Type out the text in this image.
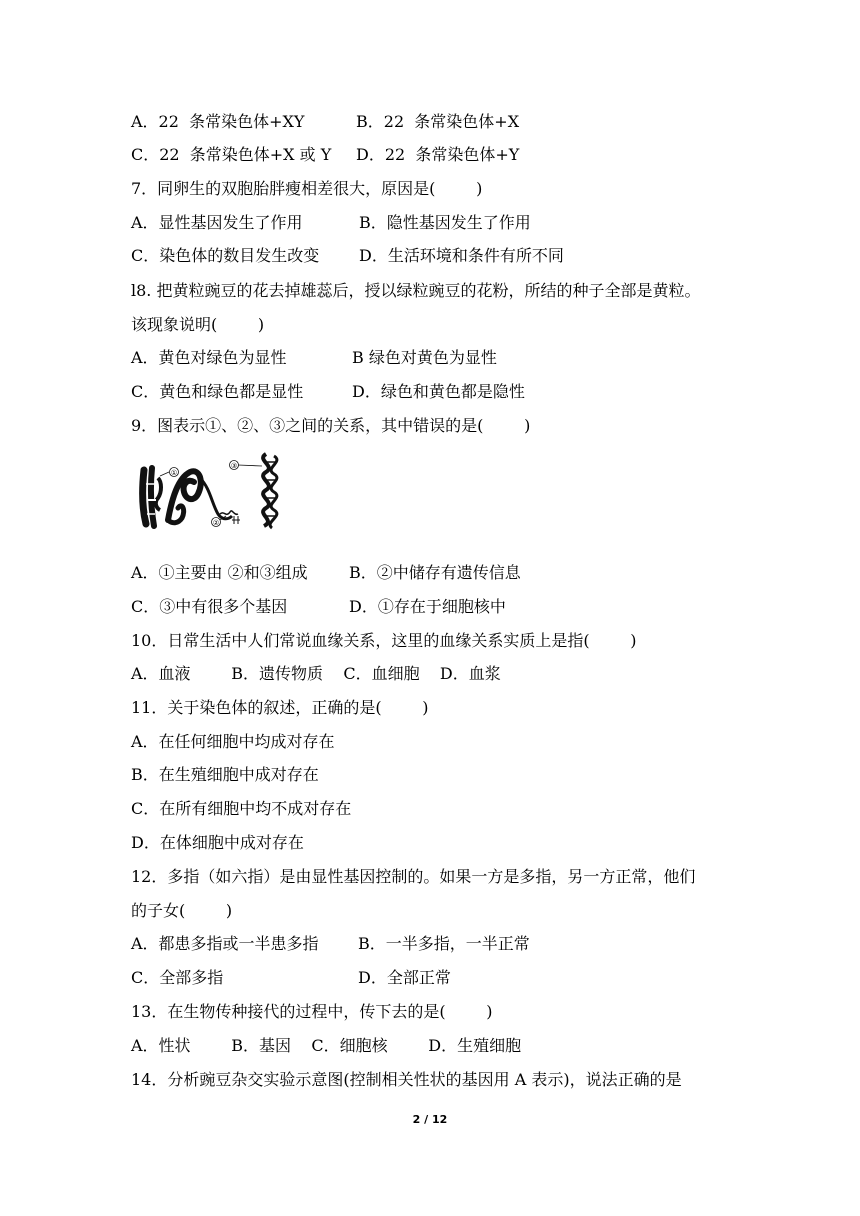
A．22  条常染色体+XY

	B．22  条常染色体+X

C．22  条常染色体+X 或 Y

D．22  条常染色体+Y

7．同卵生的双胞胎胖瘦相差很大，原因是(        )

A．显性基因发生了作用

	B．隐性基因发生了作用

C．染色体的数目发生改变

D．生活环境和条件有所不同

l8. 把黄粒豌豆的花去掉雄蕊后，授以绿粒豌豆的花粉，所结的种子全部是黄粒。
该现象说明(        )

A．黄色对绿色为显性

	B 绿色对黄色为显性

C．黄色和绿色都是显性

	D．绿色和黄色都是隐性

9．图表示①、②、③之间的关系，其中错误的是(        )
①
②
③

A．①主要由 ②和③组成

	B．②中储存有遗传信息

C．③中有很多个基因

	D．①存在于细胞核中

10．日常生活中人们常说血缘关系，这里的血缘关系实质上是指(        )
A．血液        B．遗传物质    C．血细胞    D．血浆
11．关于染色体的叙述，正确的是(        )
A．在任何细胞中均成对存在
B．在生殖细胞中成对存在
C．在所有细胞中均不成对存在
D．在体细胞中成对存在
12．多指（如六指）是由显性基因控制的。如果一方是多指，另一方正常，他们
的子女(        )

A．都患多指或一半患多指

B．一半多指，一半正常

C．全部多指

	D．全部正常

13．在生物传种接代的过程中，传下去的是(        )
A．性状        B．基因    C．细胞核        D．生殖细胞
14．分析豌豆杂交实验示意图(控制相关性状的基因用 A 表示)，说法正确的是
2 / 12
